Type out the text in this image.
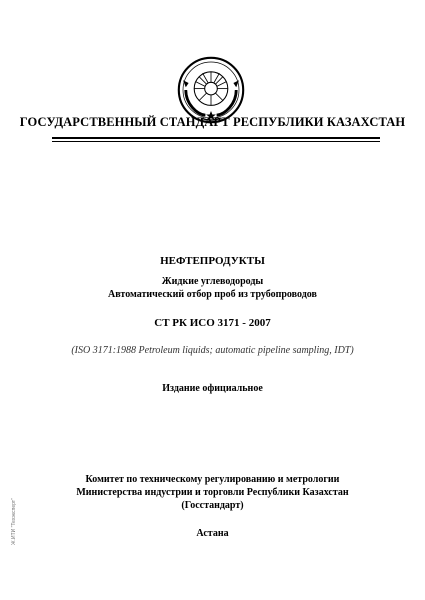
ГОСУДАРСТВЕННЫЙ СТАНДАРТ РЕСПУБЛИКИ КАЗАХСТАН
НЕФТЕПРОДУКТЫ
Жидкие углеводороды
Автоматический отбор проб из трубопроводов
СТ РК ИСО 3171 - 2007
(ISO 3171:1988 Petroleum liquids; automatic pipeline sampling, IDT)
Издание официальное
Комитет по техническому регулированию и метрологии
Министерства индустрии и торговли Республики Казахстан
(Госстандарт)
Астана
Ж.ИТИ "Техэксперт"
